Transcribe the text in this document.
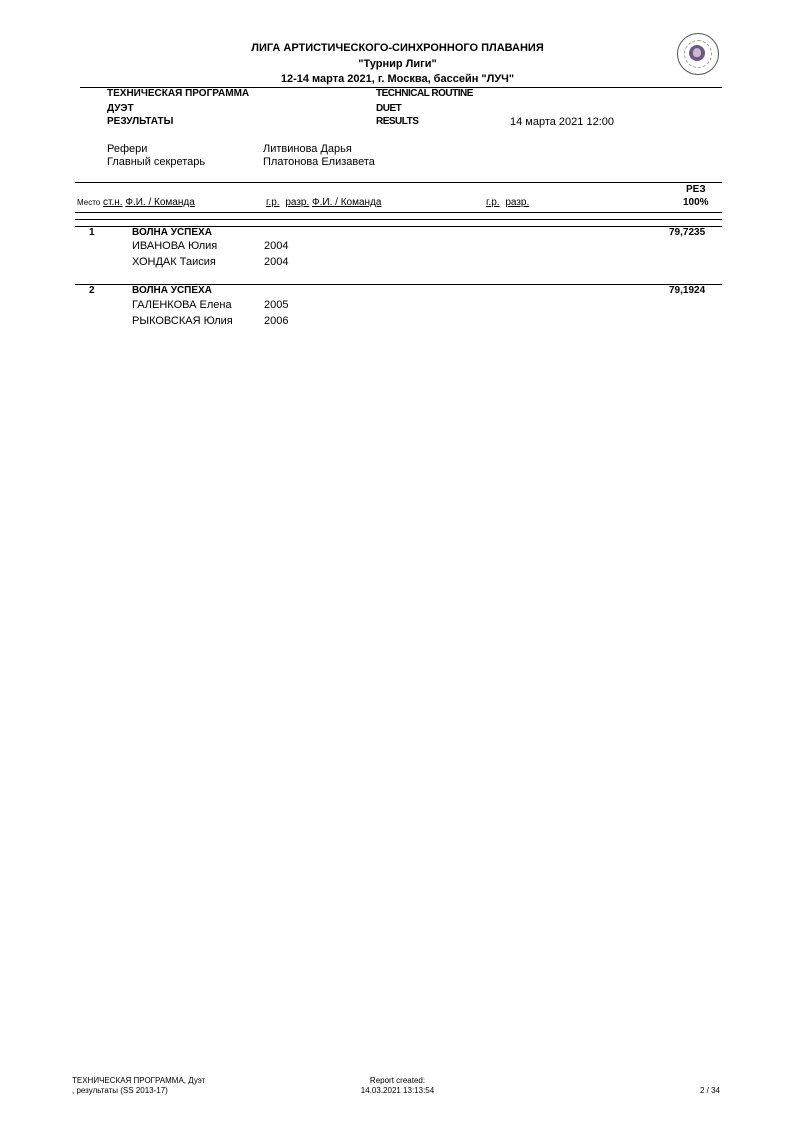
ЛИГА АРТИСТИЧЕСКОГО-СИНХРОННОГО ПЛАВАНИЯ
"Турнир Лиги"
12-14 марта 2021, г. Москва, бассейн "ЛУЧ"
ТЕХНИЧЕСКАЯ ПРОГРАММА	TECHNICAL ROUTINE
ДУЭТ	DUET
РЕЗУЛЬТАТЫ	RESULTS	14 марта 2021 12:00
Рефери	Литвинова Дарья
Главный секретарь	Платонова Елизавета
РЕЗ
Место ст.н. Ф.И. / Команда	г.р. разр. Ф.И. / Команда	г.р. разр.	100%
1	ВОЛНА УСПЕХА	79,7235
ИВАНОВА Юлия	2004
ХОНДАК Таисия	2004
2	ВОЛНА УСПЕХА	79,1924
ГАЛЕНКОВА Елена	2005
РЫКОВСКАЯ Юлия	2006
ТЕХНИЧЕСКАЯ ПРОГРАММА, Дуэт
, результаты (SS 2013-17)
Report created:
14.03.2021 13:13:54	2 / 34
